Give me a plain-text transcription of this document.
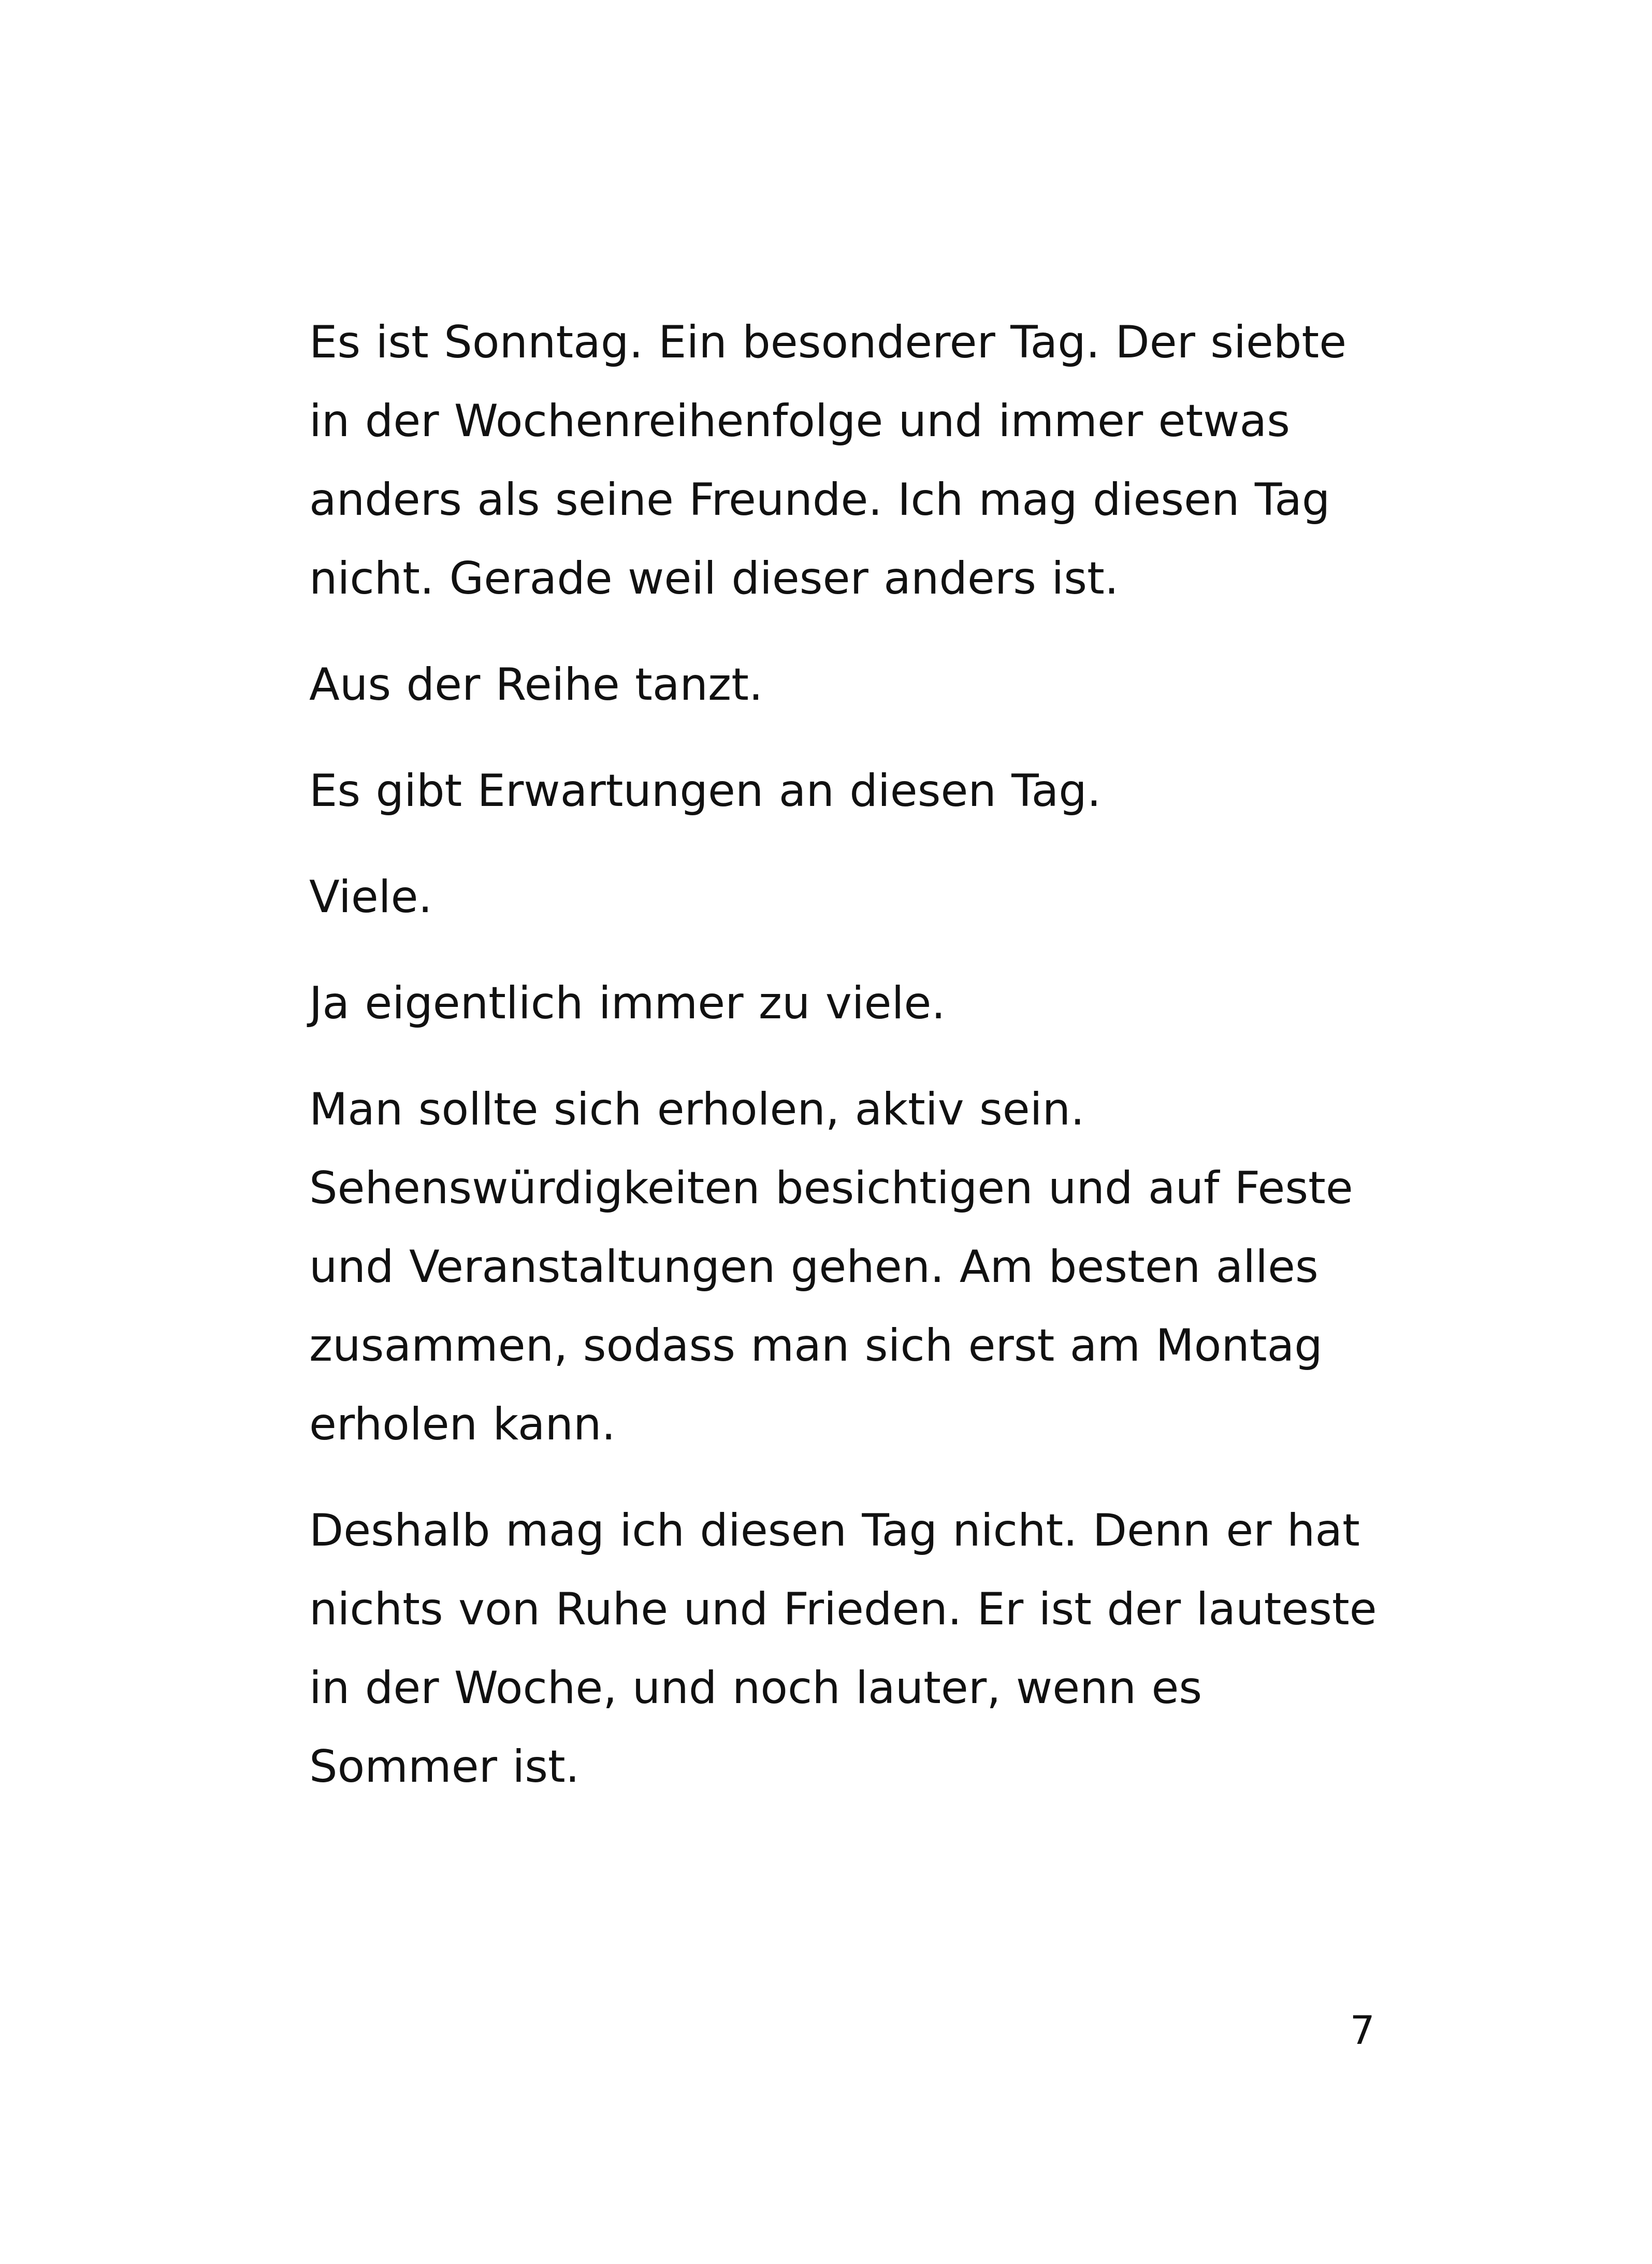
Es ist Sonntag. Ein besonderer Tag. Der siebte in der Wochenreihenfolge und immer etwas anders als seine Freunde. Ich mag diesen Tag nicht. Gerade weil dieser anders ist.

Aus der Reihe tanzt.

Es gibt Erwartungen an diesen Tag.

Viele.

Ja eigentlich immer zu viele.

Man sollte sich erholen, aktiv sein. Sehenswürdigkeiten besichtigen und auf Feste und Veranstaltungen gehen. Am besten alles zusammen, sodass man sich erst am Montag erholen kann.

Deshalb mag ich diesen Tag nicht. Denn er hat nichts von Ruhe und Frieden. Er ist der lauteste in der Woche, und noch lauter, wenn es Sommer ist.

7
